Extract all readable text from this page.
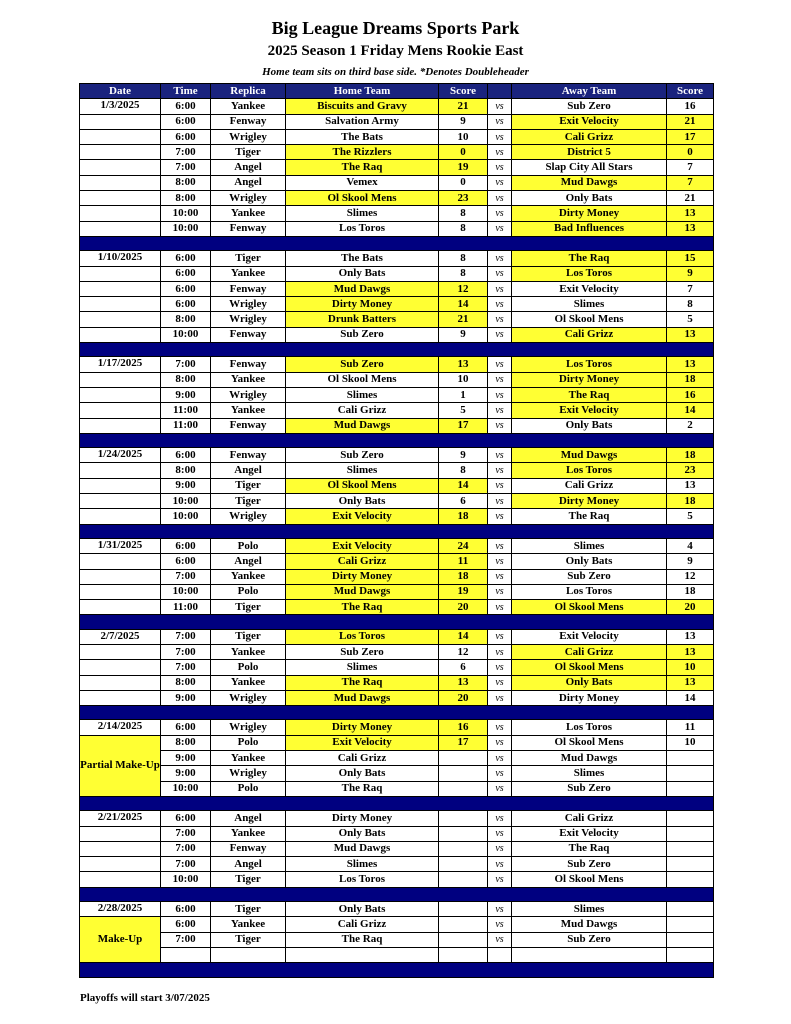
Big League Dreams Sports Park
2025 Season 1 Friday Mens Rookie East
Home team sits on third base side. *Denotes Doubleheader
Date	Time	Replica	Home Team	Score		Away Team	Score
1/3/2025	6:00	Yankee	Biscuits and Gravy	21	vs	Sub Zero	16
	6:00	Fenway	Salvation Army	9	vs	Exit Velocity	21
	6:00	Wrigley	The Bats	10	vs	Cali Grizz	17
	7:00	Tiger	The Rizzlers	0	vs	District 5	0
	7:00	Angel	The Raq	19	vs	Slap City All Stars	7
	8:00	Angel	Vemex	0	vs	Mud Dawgs	7
	8:00	Wrigley	Ol Skool Mens	23	vs	Only Bats	21
	10:00	Yankee	Slimes	8	vs	Dirty Money	13
	10:00	Fenway	Los Toros	8	vs	Bad Influences	13

1/10/2025	6:00	Tiger	The Bats	8	vs	The Raq	15
	6:00	Yankee	Only Bats	8	vs	Los Toros	9
	6:00	Fenway	Mud Dawgs	12	vs	Exit Velocity	7
	6:00	Wrigley	Dirty Money	14	vs	Slimes	8
	8:00	Wrigley	Drunk Batters	21	vs	Ol Skool Mens	5
	10:00	Fenway	Sub Zero	9	vs	Cali Grizz	13

1/17/2025	7:00	Fenway	Sub Zero	13	vs	Los Toros	13
	8:00	Yankee	Ol Skool Mens	10	vs	Dirty Money	18
	9:00	Wrigley	Slimes	1	vs	The Raq	16
	11:00	Yankee	Cali Grizz	5	vs	Exit Velocity	14
	11:00	Fenway	Mud Dawgs	17	vs	Only Bats	2

1/24/2025	6:00	Fenway	Sub Zero	9	vs	Mud Dawgs	18
	8:00	Angel	Slimes	8	vs	Los Toros	23
	9:00	Tiger	Ol Skool Mens	14	vs	Cali Grizz	13
	10:00	Tiger	Only Bats	6	vs	Dirty Money	18
	10:00	Wrigley	Exit Velocity	18	vs	The Raq	5

1/31/2025	6:00	Polo	Exit Velocity	24	vs	Slimes	4
	6:00	Angel	Cali Grizz	11	vs	Only Bats	9
	7:00	Yankee	Dirty Money	18	vs	Sub Zero	12
	10:00	Polo	Mud Dawgs	19	vs	Los Toros	18
	11:00	Tiger	The Raq	20	vs	Ol Skool Mens	20

2/7/2025	7:00	Tiger	Los Toros	14	vs	Exit Velocity	13
	7:00	Yankee	Sub Zero	12	vs	Cali Grizz	13
	7:00	Polo	Slimes	6	vs	Ol Skool Mens	10
	8:00	Yankee	The Raq	13	vs	Only Bats	13
	9:00	Wrigley	Mud Dawgs	20	vs	Dirty Money	14

2/14/2025	6:00	Wrigley	Dirty Money	16	vs	Los Toros	11
Partial Make-Up	8:00	Polo	Exit Velocity	17	vs	Ol Skool Mens	10
	9:00	Yankee	Cali Grizz		vs	Mud Dawgs	
	9:00	Wrigley	Only Bats		vs	Slimes	
	10:00	Polo	The Raq		vs	Sub Zero	

2/21/2025	6:00	Angel	Dirty Money		vs	Cali Grizz	
	7:00	Yankee	Only Bats		vs	Exit Velocity	
	7:00	Fenway	Mud Dawgs		vs	The Raq	
	7:00	Angel	Slimes		vs	Sub Zero	
	10:00	Tiger	Los Toros		vs	Ol Skool Mens	

2/28/2025	6:00	Tiger	Only Bats		vs	Slimes	
Make-Up	6:00	Yankee	Cali Grizz		vs	Mud Dawgs	
	7:00	Tiger	The Raq		vs	Sub Zero	

Playoffs will start 3/07/2025
